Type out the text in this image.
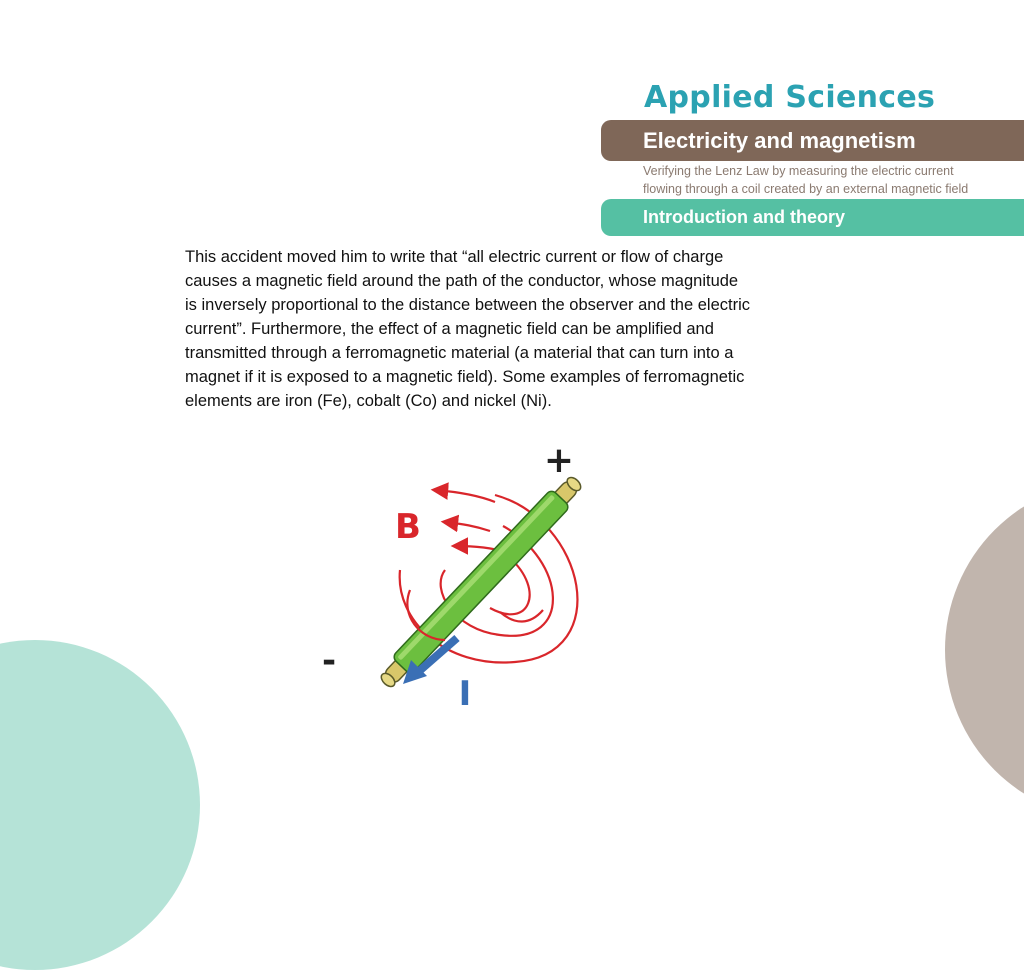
Applied Sciences
Electricity and magnetism
Verifying the Lenz Law by measuring the electric current
flowing through a coil created by an external magnetic field
Introduction and theory
This accident moved him to write that “all electric current or flow of charge
causes a magnetic field around the path of the conductor, whose magnitude
is inversely proportional to the distance between the observer and the electric
current”. Furthermore, the effect of a magnetic field can be amplified and
transmitted through a ferromagnetic material (a material that can turn into a
magnet if it is exposed to a magnetic field). Some examples of ferromagnetic
elements are iron (Fe), cobalt (Co) and nickel (Ni).
+
-
B
I
